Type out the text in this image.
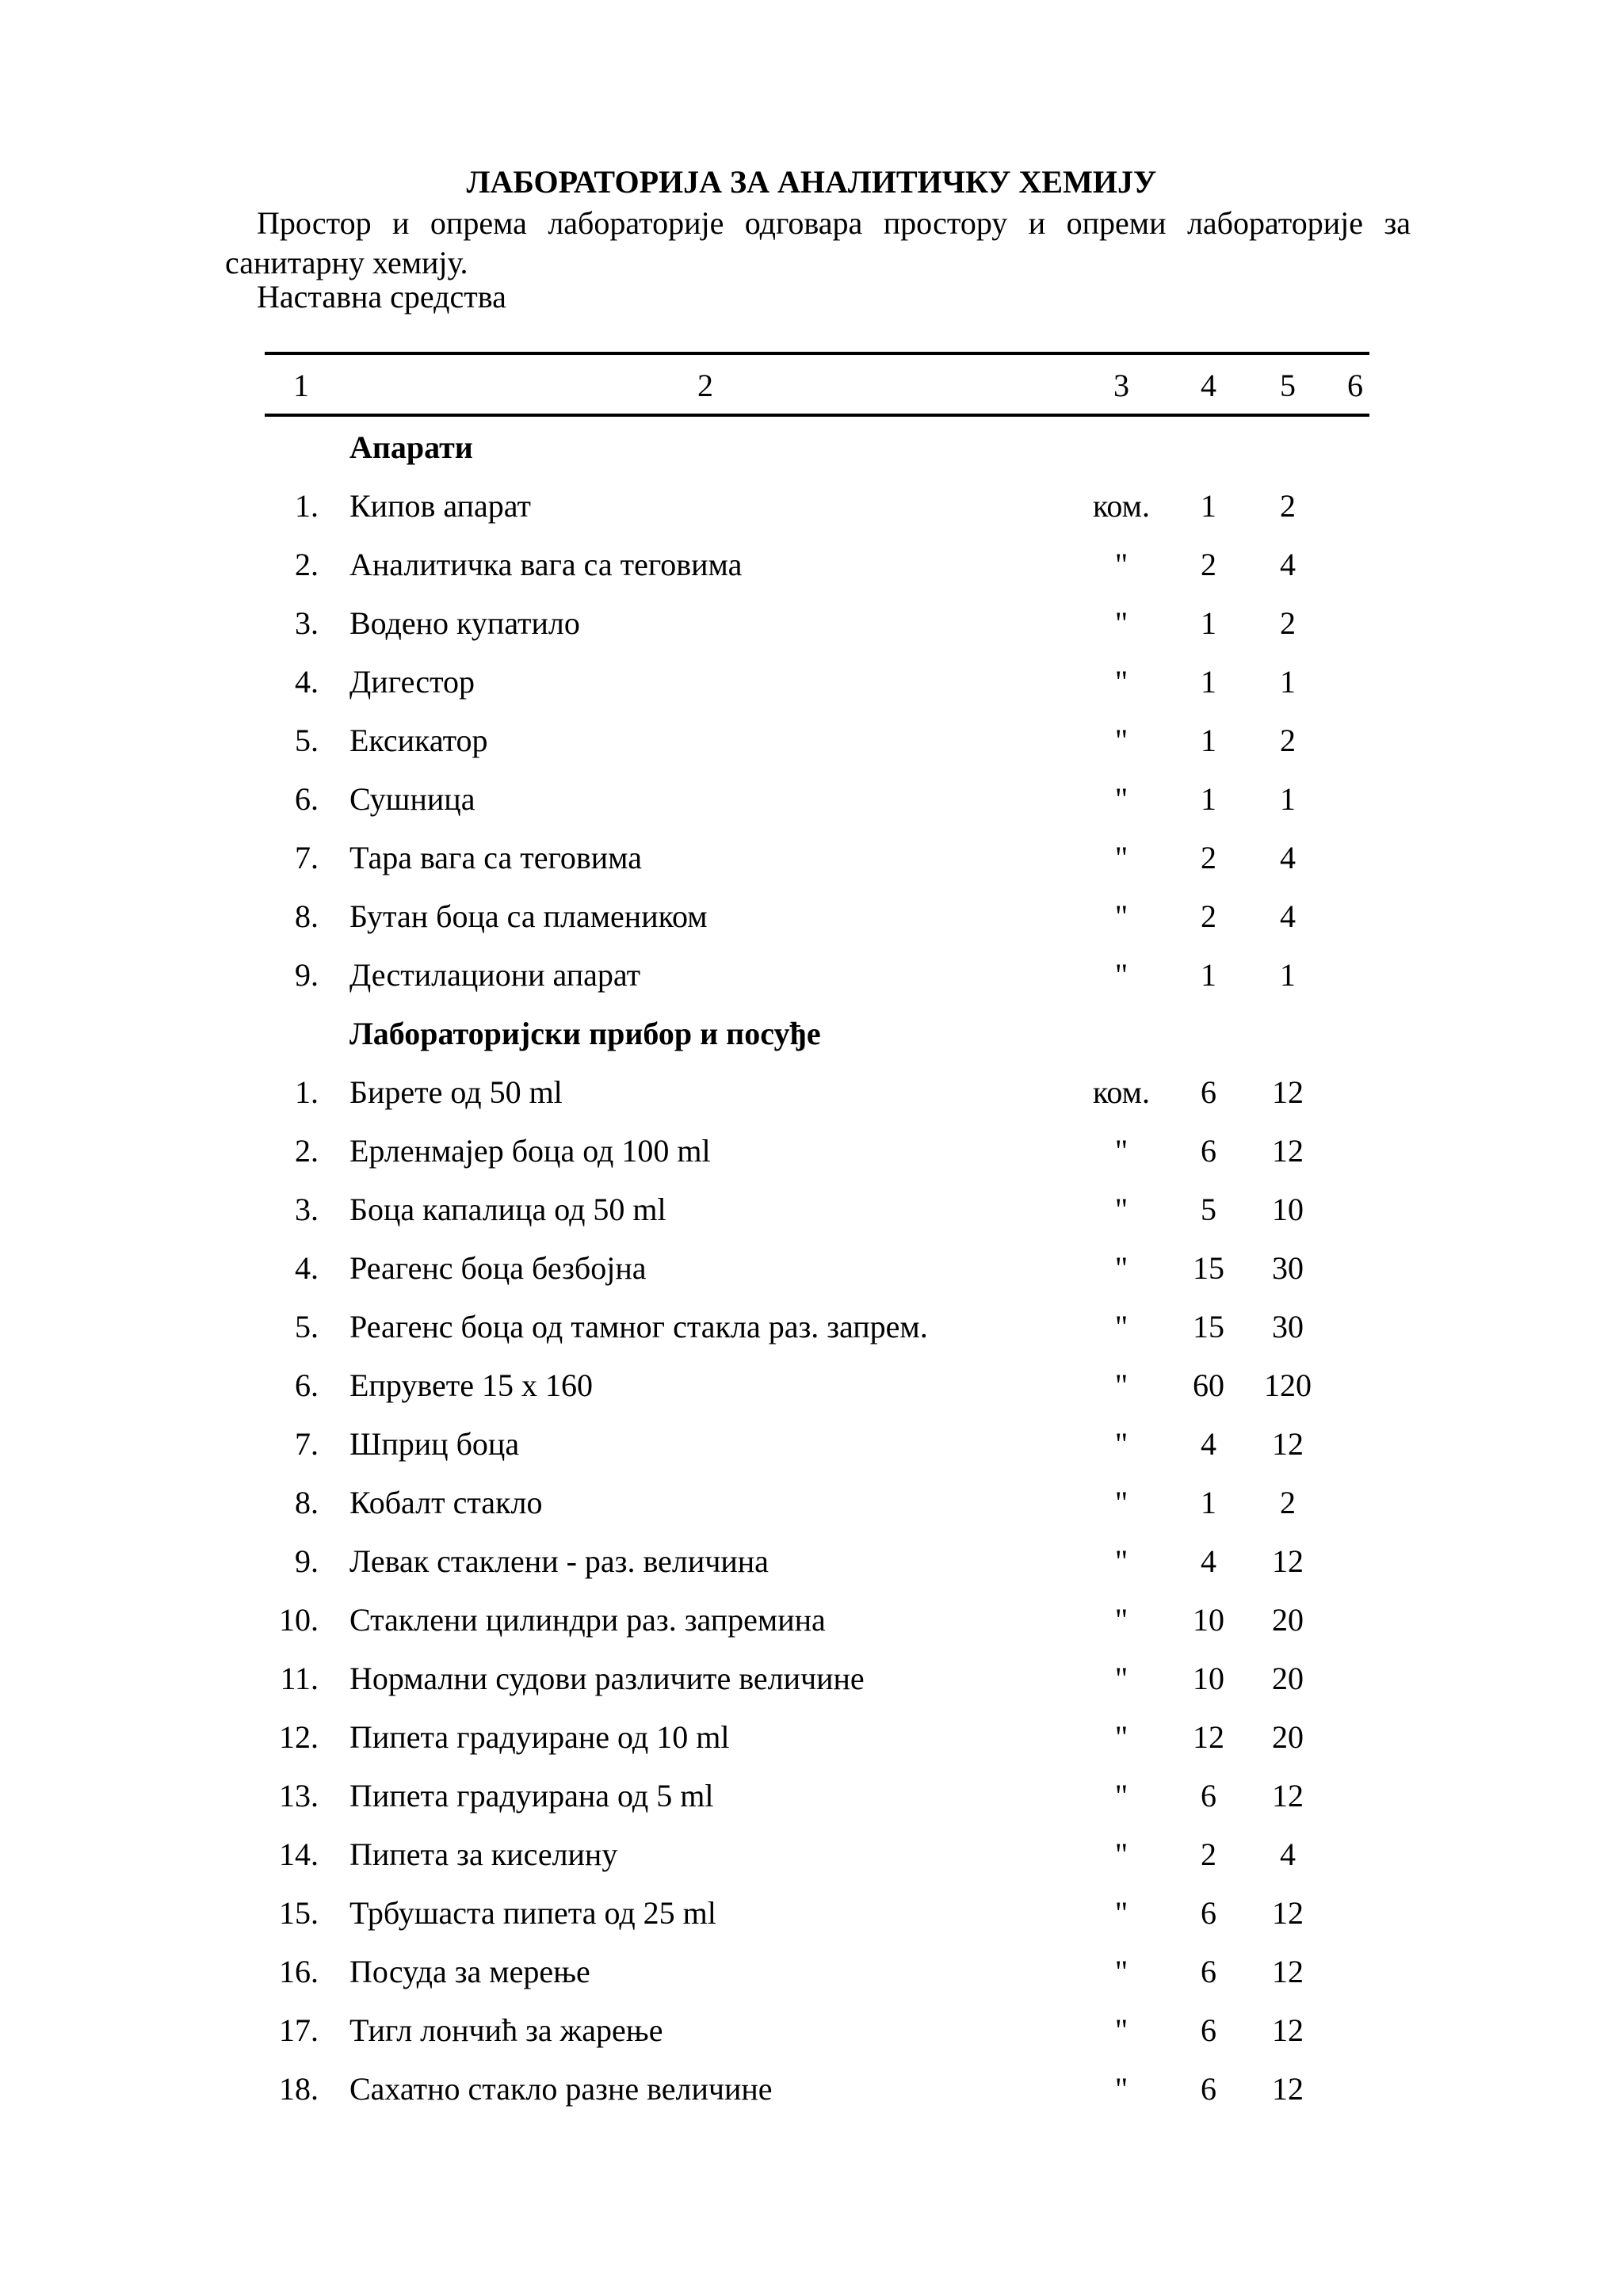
ЛАБОРАТОРИЈА ЗА АНАЛИТИЧКУ ХЕМИЈУ

Простор и опрема лабораторије одговара простору и опреми лабораторије за санитарну хемију.

Наставна средства

1	2	3	4	5	6
Апарати
1. Кипов апарат	ком.	1	2
2. Аналитичка вага са теговима	"	2	4
3. Водено купатило	"	1	2
4. Дигестор	"	1	1
5. Ексикатор	"	1	2
6. Сушница	"	1	1
7. Тара вага са теговима	"	2	4
8. Бутан боца са пламеником	"	2	4
9. Дестилациони апарат	"	1	1
Лабораторијски прибор и посуђе
1. Бирете од 50 ml	ком.	6	12
2. Ерленмајер боца од 100 ml	"	6	12
3. Боца капалица од 50 ml	"	5	10
4. Реагенс боца безбојна	"	15	30
5. Реагенс боца од тамног стакла раз. запрем.	"	15	30
6. Епрувете 15 x 160	"	60	120
7. Шприц боца	"	4	12
8. Кобалт стакло	"	1	2
9. Левак стаклени - раз. величина	"	4	12
10. Стаклени цилиндри раз. запремина	"	10	20
11. Нормални судови различите величине	"	10	20
12. Пипета градуиране од 10 ml	"	12	20
13. Пипета градуирана од 5 ml	"	6	12
14. Пипета за киселину	"	2	4
15. Трбушаста пипета од 25 ml	"	6	12
16. Посуда за мерење	"	6	12
17. Тигл лончић за жарење	"	6	12
18. Сахатно стакло разне величине	"	6	12
